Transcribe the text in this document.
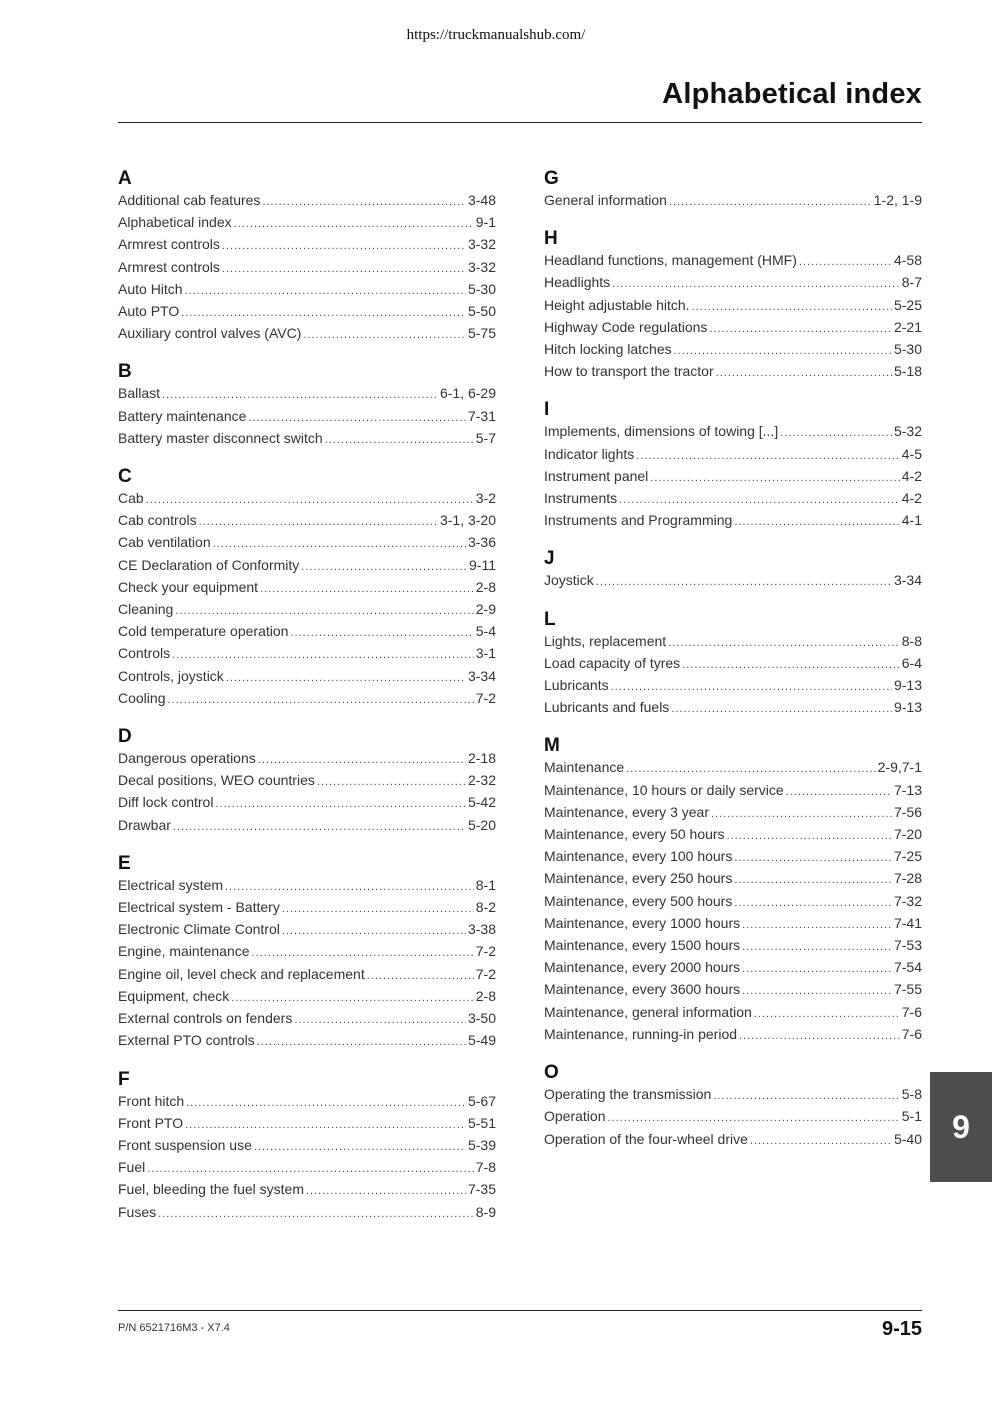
https://truckmanualshub.com/
Alphabetical index
A
Additional cab features .....	3-48
Alphabetical index .....	9-1
Armrest controls .....	3-32
Armrest controls .....	3-32
Auto Hitch .....	5-30
Auto PTO .....	5-50
Auxiliary control valves (AVC) .....	5-75
B
Ballast .....	6-1, 6-29
Battery maintenance .....	7-31
Battery master disconnect switch .....	5-7
C
Cab .....	3-2
Cab controls .....	3-1, 3-20
Cab ventilation .....	3-36
CE Declaration of Conformity .....	9-11
Check your equipment .....	2-8
Cleaning .....	2-9
Cold temperature operation .....	5-4
Controls .....	3-1
Controls, joystick .....	3-34
Cooling .....	7-2
D
Dangerous operations .....	2-18
Decal positions, WEO countries .....	2-32
Diff lock control .....	5-42
Drawbar .....	5-20
E
Electrical system .....	8-1
Electrical system - Battery .....	8-2
Electronic Climate Control .....	3-38
Engine, maintenance .....	7-2
Engine oil, level check and replacement .....	7-2
Equipment, check .....	2-8
External controls on fenders .....	3-50
External PTO controls .....	5-49
F
Front hitch .....	5-67
Front PTO .....	5-51
Front suspension use .....	5-39
Fuel .....	7-8
Fuel, bleeding the fuel system .....	7-35
Fuses .....	8-9
G
General information .....	1-2, 1-9
H
Headland functions, management (HMF) .....	4-58
Headlights .....	8-7
Height adjustable hitch. .....	5-25
Highway Code regulations .....	2-21
Hitch locking latches .....	5-30
How to transport the tractor .....	5-18
I
Implements, dimensions of towing [...] .....	5-32
Indicator lights .....	4-5
Instrument panel .....	4-2
Instruments .....	4-2
Instruments and Programming .....	4-1
J
Joystick .....	3-34
L
Lights, replacement .....	8-8
Load capacity of tyres .....	6-4
Lubricants .....	9-13
Lubricants and fuels .....	9-13
M
Maintenance .....	2-9,7-1
Maintenance, 10 hours or daily service .....	7-13
Maintenance, every 3 year .....	7-56
Maintenance, every 50 hours .....	7-20
Maintenance, every 100 hours .....	7-25
Maintenance, every 250 hours .....	7-28
Maintenance, every 500 hours .....	7-32
Maintenance, every 1000 hours .....	7-41
Maintenance, every 1500 hours .....	7-53
Maintenance, every 2000 hours .....	7-54
Maintenance, every 3600 hours .....	7-55
Maintenance, general information .....	7-6
Maintenance, running-in period .....	7-6
O
Operating the transmission .....	5-8
Operation .....	5-1
Operation of the four-wheel drive .....	5-40 9
P/N 6521716M3 - X7.4	9-15
